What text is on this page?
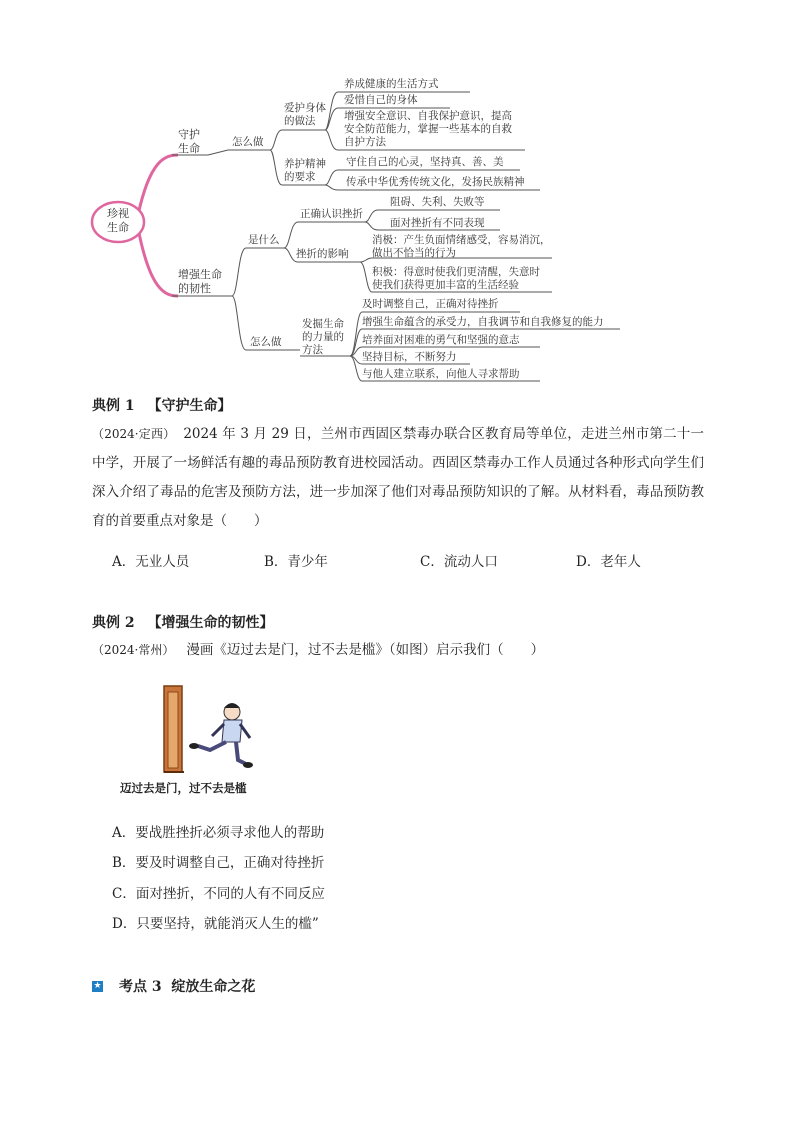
珍视
生命
守护
生命	怎么做
爱护身体
的做法
养成健康的生活方式
爱惜自己的身体
增强安全意识、自我保护意识，提高
安全防范能力，掌握一些基本的自救
自护方法
养护精神
的要求
守住自己的心灵，坚持真、善、美
传承中华优秀传统文化，发扬民族精神
增强生命
的韧性
是什么
正确认识挫折
阻碍、失利、失败等
面对挫折有不同表现
挫折的影响
消极：产生负面情绪感受，容易消沉，
做出不恰当的行为
积极：得意时使我们更清醒，失意时
使我们获得更加丰富的生活经验
怎么做
发掘生命
的力量的
方法
及时调整自己，正确对待挫折
增强生命蕴含的承受力，自我调节和自我修复的能力
培养面对困难的勇气和坚强的意志
坚持目标，不断努力
与他人建立联系，向他人寻求帮助
典例 1 【守护生命】
（2024·定西） 2024 年 3 月 29 日，兰州市西固区禁毒办联合区教育局等单位，走进兰州市第二十一中学，开展了一场鲜活有趣的毒品预防教育进校园活动。西固区禁毒办工作人员通过各种形式向学生们深入介绍了毒品的危害及预防方法，进一步加深了他们对毒品预防知识的了解。从材料看，毒品预防教育的首要重点对象是（　　）
A．无业人员	B．青少年	C．流动人口	D．老年人
典例 2 【增强生命的韧性】
（2024·常州） 漫画《迈过去是门，过不去是槛》（如图）启示我们（　　）
迈过去是门，过不去是槛
A．要战胜挫折必须寻求他人的帮助
B．要及时调整自己，正确对待挫折
C．面对挫折，不同的人有不同反应
D．只要坚持，就能消灭人生的槛”
★ 考点 3  绽放生命之花
